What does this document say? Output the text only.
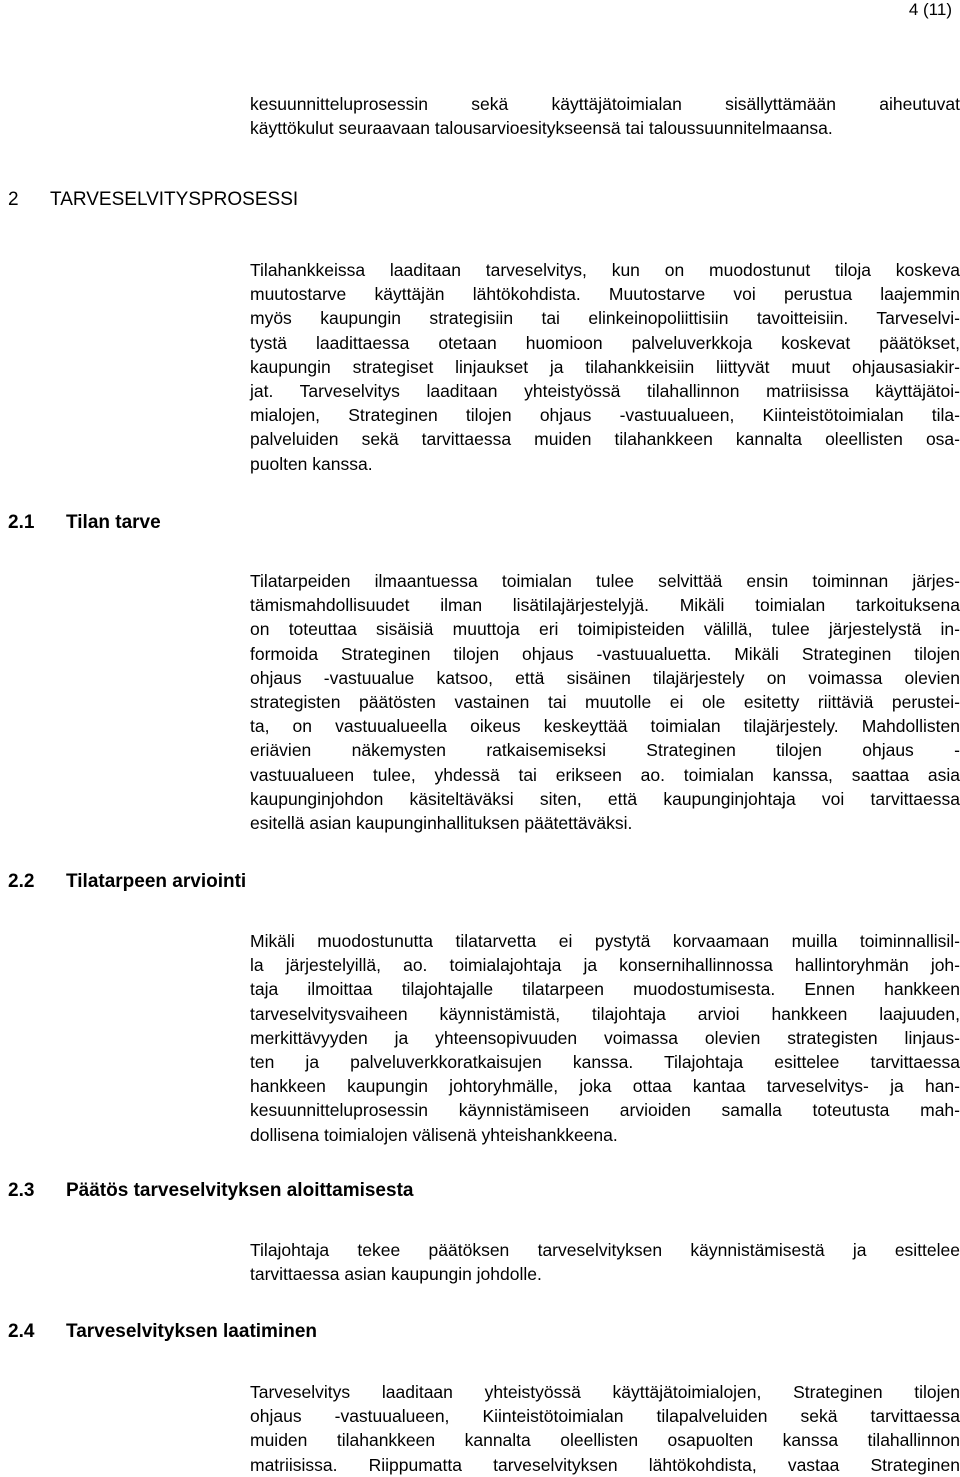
4 (11)
kesuunnitteluprosessin sekä käyttäjätoimialan sisällyttämään aiheutuvat
käyttökulut seuraavaan talousarvioesitykseensä tai taloussuunnitelmaansa.
2 TARVESELVITYSPROSESSI
Tilahankkeissa laaditaan tarveselvitys, kun on muodostunut tiloja koskeva
muutostarve käyttäjän lähtökohdista. Muutostarve voi perustua laajemmin
myös kaupungin strategisiin tai elinkeinopoliittisiin tavoitteisiin. Tarveselvi-
tystä laadittaessa otetaan huomioon palveluverkkoja koskevat päätökset,
kaupungin strategiset linjaukset ja tilahankkeisiin liittyvät muut ohjausasiakir-
jat. Tarveselvitys laaditaan yhteistyössä tilahallinnon matriisissa käyttäjätoi-
mialojen, Strateginen tilojen ohjaus -vastuualueen, Kiinteistötoimialan tila-
palveluiden sekä tarvittaessa muiden tilahankkeen kannalta oleellisten osa-
puolten kanssa.
2.1 Tilan tarve
Tilatarpeiden ilmaantuessa toimialan tulee selvittää ensin toiminnan järjes-
tämismahdollisuudet ilman lisätilajärjestelyjä. Mikäli toimialan tarkoituksena
on toteuttaa sisäisiä muuttoja eri toimipisteiden välillä, tulee järjestelystä in-
formoida Strateginen tilojen ohjaus -vastuualuetta. Mikäli Strateginen tilojen
ohjaus -vastuualue katsoo, että sisäinen tilajärjestely on voimassa olevien
strategisten päätösten vastainen tai muutolle ei ole esitetty riittäviä perustei-
ta, on vastuualueella oikeus keskeyttää toimialan tilajärjestely. Mahdollisten
eriävien näkemysten ratkaisemiseksi Strateginen tilojen ohjaus -
vastuualueen tulee, yhdessä tai erikseen ao. toimialan kanssa, saattaa asia
kaupunginjohdon käsiteltäväksi siten, että kaupunginjohtaja voi tarvittaessa
esitellä asian kaupunginhallituksen päätettäväksi.
2.2 Tilatarpeen arviointi
Mikäli muodostunutta tilatarvetta ei pystytä korvaamaan muilla toiminnallisil-
la järjestelyillä, ao. toimialajohtaja ja konsernihallinnossa hallintoryhmän joh-
taja ilmoittaa tilajohtajalle tilatarpeen muodostumisesta. Ennen hankkeen
tarveselvitysvaiheen käynnistämistä, tilajohtaja arvioi hankkeen laajuuden,
merkittävyyden ja yhteensopivuuden voimassa olevien strategisten linjaus-
ten ja palveluverkkoratkaisujen kanssa. Tilajohtaja esittelee tarvittaessa
hankkeen kaupungin johtoryhmälle, joka ottaa kantaa tarveselvitys- ja han-
kesuunnitteluprosessin käynnistämiseen arvioiden samalla toteutusta mah-
dollisena toimialojen välisenä yhteishankkeena.
2.3 Päätös tarveselvityksen aloittamisesta
Tilajohtaja tekee päätöksen tarveselvityksen käynnistämisestä ja esittelee
tarvittaessa asian kaupungin johdolle.
2.4 Tarveselvityksen laatiminen
Tarveselvitys laaditaan yhteistyössä käyttäjätoimialojen, Strateginen tilojen
ohjaus -vastuualueen, Kiinteistötoimialan tilapalveluiden sekä tarvittaessa
muiden tilahankkeen kannalta oleellisten osapuolten kanssa tilahallinnon
matriisissa. Riippumatta tarveselvityksen lähtökohdista, vastaa Strateginen
